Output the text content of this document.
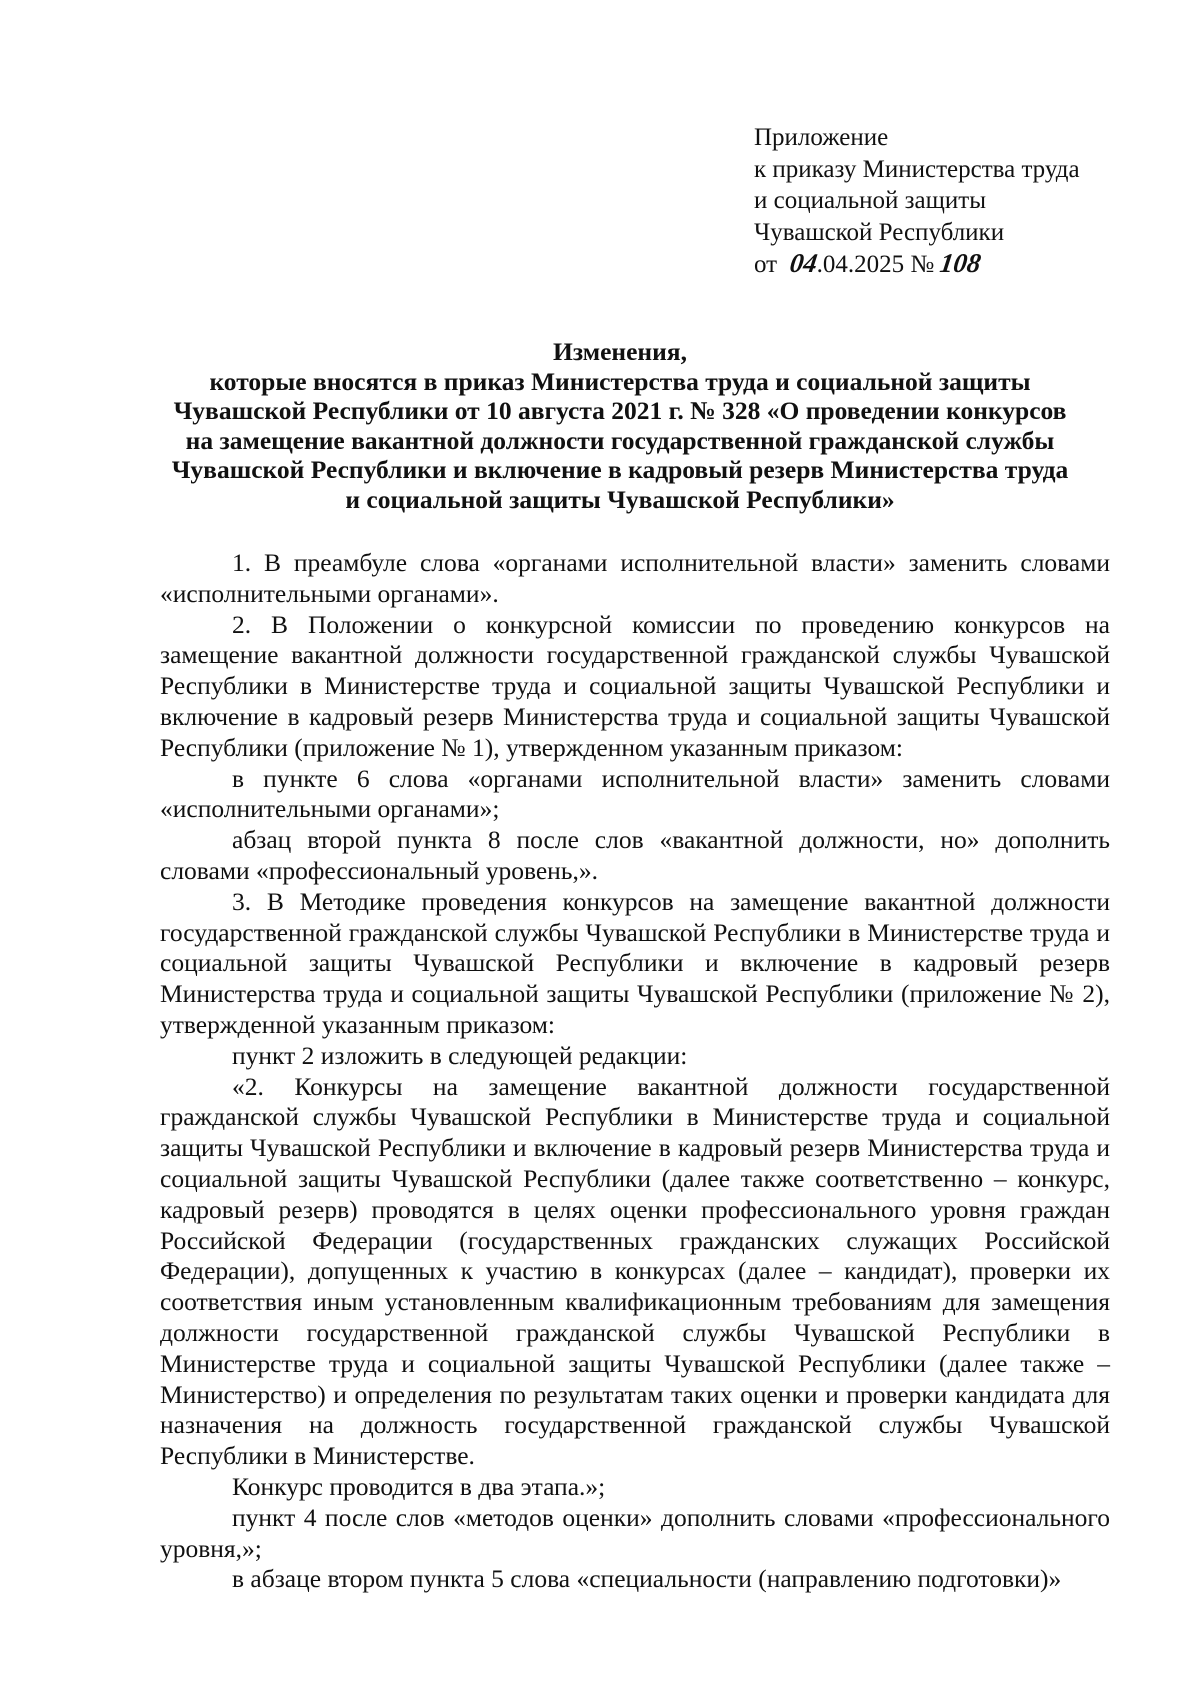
Приложение
к приказу Министерства труда
и социальной защиты
Чувашской Республики
от 04.04.2025 № 108
Изменения,
которые вносятся в приказ Министерства труда и социальной защиты
Чувашской Республики от 10 августа 2021 г. № 328 «О проведении конкурсов
на замещение вакантной должности государственной гражданской службы
Чувашской Республики и включение в кадровый резерв Министерства труда
и социальной защиты Чувашской Республики»

1. В преамбуле слова «органами исполнительной власти» заменить словами «исполнительными органами».

2. В Положении о конкурсной комиссии по проведению конкурсов на замещение вакантной должности государственной гражданской службы Чувашской Республики в Министерстве труда и социальной защиты Чувашской Республики и включение в кадровый резерв Министерства труда и социальной защиты Чувашской Республики (приложение № 1), утвержденном указанным приказом:

в пункте 6 слова «органами исполнительной власти» заменить словами «исполнительными органами»;

абзац второй пункта 8 после слов «вакантной должности, но» дополнить словами «профессиональный уровень,».

3. В Методике проведения конкурсов на замещение вакантной должности государственной гражданской службы Чувашской Республики в Министерстве труда и социальной защиты Чувашской Республики и включение в кадровый резерв Министерства труда и социальной защиты Чувашской Республики (приложение № 2), утвержденной указанным приказом:

пункт 2 изложить в следующей редакции:

«2. Конкурсы на замещение вакантной должности государственной гражданской службы Чувашской Республики в Министерстве труда и социальной защиты Чувашской Республики и включение в кадровый резерв Министерства труда и социальной защиты Чувашской Республики (далее также соответственно – конкурс, кадровый резерв) проводятся в целях оценки профессионального уровня граждан Российской Федерации (государственных гражданских служащих Российской Федерации), допущенных к участию в конкурсах (далее – кандидат), проверки их соответствия иным установленным квалификационным требованиям для замещения должности государственной гражданской службы Чувашской Республики в Министерстве труда и социальной защиты Чувашской Республики (далее также – Министерство) и определения по результатам таких оценки и проверки кандидата для назначения на должность государственной гражданской службы Чувашской Республики в Министерстве.

Конкурс проводится в два этапа.»;

пункт 4 после слов «методов оценки» дополнить словами «профессионального уровня,»;

в абзаце втором пункта 5 слова «специальности (направлению подготовки)»
